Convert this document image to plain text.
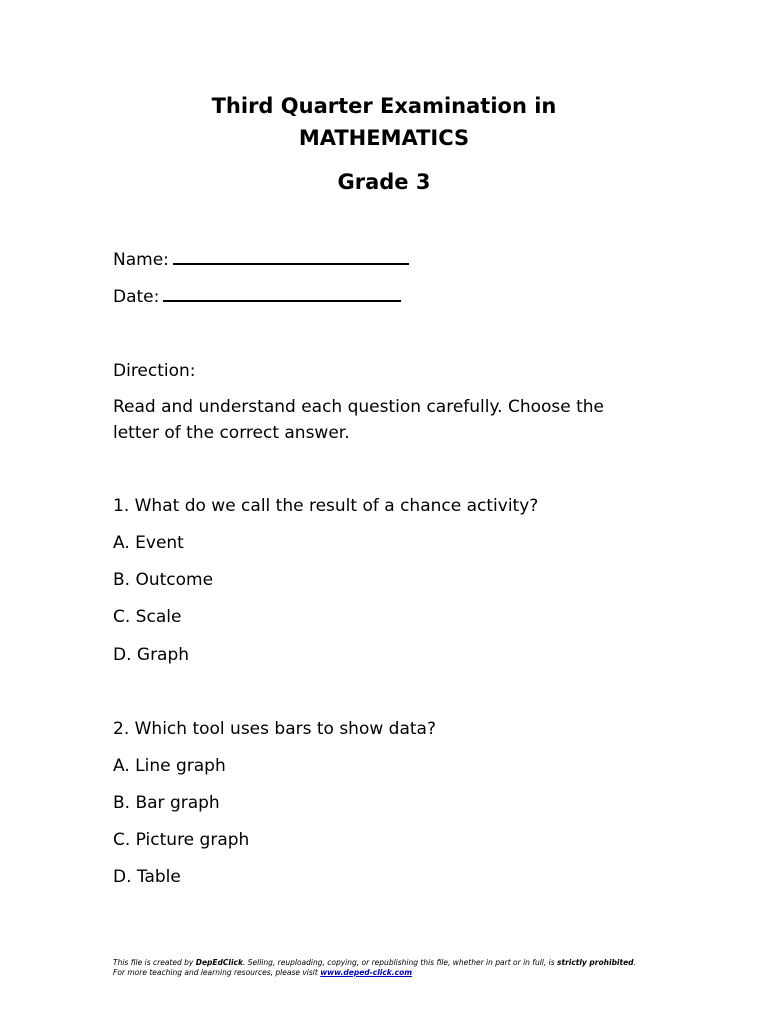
Third Quarter Examination in
MATHEMATICS
Grade 3
Name:
Date:
Direction:
Read and understand each question carefully. Choose the letter of the correct answer.
1. What do we call the result of a chance activity?
A. Event
B. Outcome
C. Scale
D. Graph
2. Which tool uses bars to show data?
A. Line graph
B. Bar graph
C. Picture graph
D. Table
This file is created by DepEdClick. Selling, reuploading, copying, or republishing this file, whether in part or in full, is strictly prohibited.
For more teaching and learning resources, please visit www.deped-click.com
